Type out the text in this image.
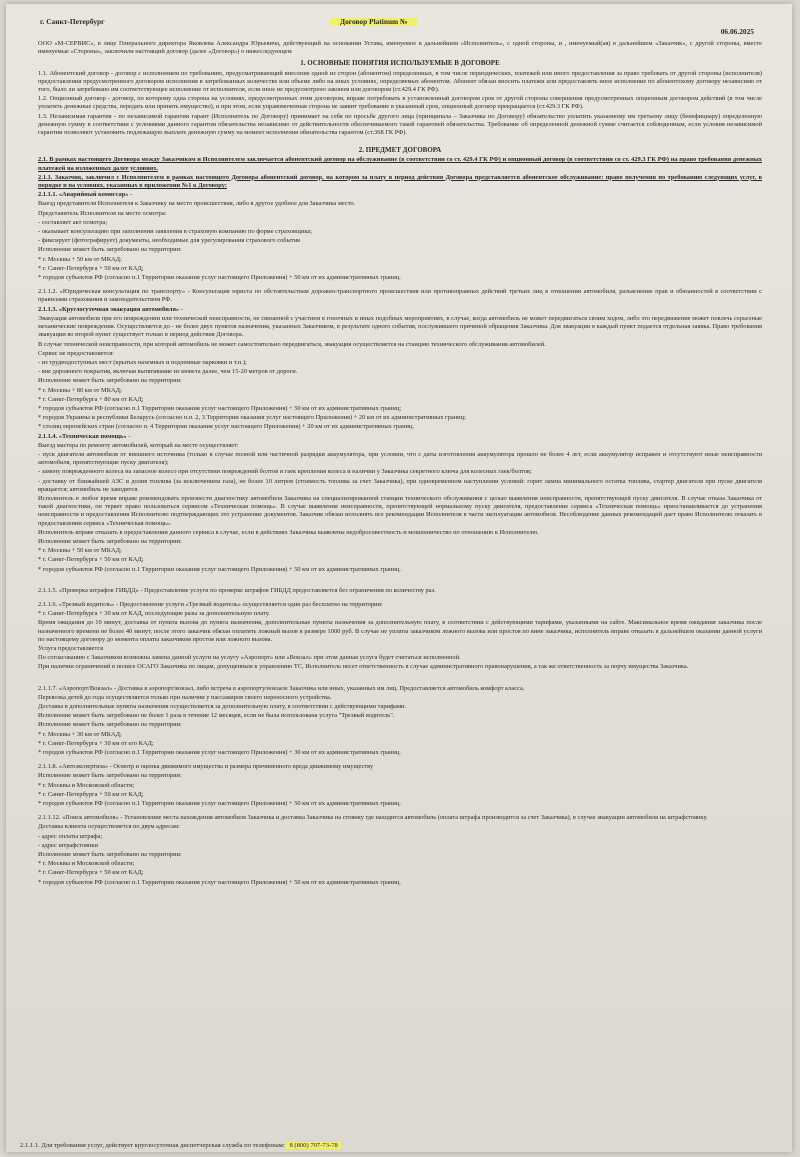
г. Санкт-Петербург	Договор Platinum №
06.06.2025

ООО «М-СЕРВИС», в лице Генерального директора Яковлева Александра Юрьевича, действующий на основании Устава, именуемое в дальнейшем «Исполнитель», с одной стороны, и , именуемый(ая) в дальнейшем «Заказчик», с другой стороны, вместе именуемые «Стороны», заключили настоящий договор (далее «Договор») о нижеследующем

1. ОСНОВНЫЕ ПОНЯТИЯ ИСПОЛЬЗУЕМЫЕ В ДОГОВОРЕ

1.1. Абонентский договор - договор с исполнением по требованию, предусматривающий внесение одной из сторон (абонентом) определенных, в том числе периодических, платежей или иного предоставления за право требовать от другой стороны (исполнителя) предоставления предусмотренного договором исполнения в затребованных количестве или объеме либо на иных условиях, определяемых абонентом. Абонент обязан вносить платежи или предоставлять иное исполнение по абонентскому договору независимо от того, было ли затребовано им соответствующее исполнение от исполнителя, если иное не предусмотрено законом или договором (ст.429.4 ГК РФ).

1.2. Опционный договор - договор, по которому одна сторона на условиях, предусмотренных этим договором, вправе потребовать в установленный договором срок от другой стороны совершения предусмотренных опционным договором действий (в том числе уплатить денежные средства, передать или принять имущество), и при этом, если управомоченная сторона не заявит требование в указанный срок, опционный договор прекращается (ст.429.3 ГК РФ).

1.3. Независимая гарантия - по независимой гарантии гарант (Исполнитель по Договору) принимает на себя по просьбе другого лица (принципала – Заказчика по Договору) обязательство уплатить указанному им третьему лицу (бенефициару) определенную денежную сумму в соответствии с условиями данного гарантом обязательства независимо от действительности обеспечиваемого такой гарантией обязательства. Требование об определенной денежной сумме считается соблюденным, если условия независимой гарантии позволяют установить подлежащую выплате денежную сумму на момент исполнения обязательства гарантом (ст.368 ГК РФ).

2. ПРЕДМЕТ ДОГОВОРА

2.1. В рамках настоящего Договора между Заказчиком и Исполнителем заключается абонентский договор на обслуживание (в соответствии со ст. 429.4 ГК РФ) и опционный договор (в соответствии со ст. 429.3 ГК РФ) на право требования денежных платежей на изложенных далее условиях.

2.1.1. Заказчик, заключил с Исполнителем в рамках настоящего Договора абонентский договор, на котором за плату в период действия Договора представляется абонентское обслуживание: право получения по требованию следующих услуг, в порядке и на условиях, указанных в приложении №1 к Договору:

2.1.1.1. «Аварийный комиссар» -

Выезд представителя Исполнителя к Заказчику на место происшествия, либо в другое удобное для Заказчика место.

Представитель Исполнителя на месте осмотра:

- составляет акт осмотра;

- оказывает консультацию при заполнении заявления в страховую компанию по форме страховщика;

- фиксирует (фотографирует) документы, необходимые для урегулирования страхового события

Исполнение может быть затребовано на территории:

* г. Москвы + 50 км от МКАД;

* г. Санкт-Петербурга + 50 км от КАД;

* городов субъектов РФ (согласно п.1 Территории оказания услуг настоящего Приложения) + 50 км от их административных границ.

2.1.1.2. «Юридическая консультация по транспорту» - Консультация юриста по обстоятельствам дорожно-транспортного происшествия или противоправных действий третьих лиц в отношении автомобиля, разъяснение прав и обязанностей в соответствии с правилами страхования и законодательством РФ.

2.1.1.3. «Круглосуточная эвакуация автомобиля» -

Эвакуация автомобиля при его повреждении или технической неисправности, не связанной с участием в гоночных и иных подобных мероприятиях, в случае, когда автомобиль не может передвигаться своим ходом, либо это передвижение может повлечь серьезные механические повреждения. Осуществляется до - не более двух пунктов назначения, указанных Заказчиком, в результате одного события, послужившего причиной обращения Заказчика. Для эвакуации в каждый пункт подается отдельная заявка. Право требования эвакуации во второй пункт существует только в период действия Договора.

В случае технической неисправности, при которой автомобиль не может самостоятельно передвигаться, эвакуация осуществляется на станцию технического обслуживания автомобилей.

Сервис не предоставляется:

- из труднодоступных мест (крытых наземных и подземные парковки и т.п.);

- вне дорожного покрытия, включая вытягивание из кювета далее, чем 15-20 метров от дороги.

Исполнение может быть затребовано на территории:

* г. Москвы + 80 км от МКАД;

* г. Санкт-Петербурга + 80 км от КАД;

* городов субъектов РФ (согласно п.1 Территории оказания услуг настоящего Приложения) + 50 км от их административных границ;

* городов Украины и республики Беларусь (согласно п.п. 2, 3 Территории оказания услуг настоящего Приложения) + 20 км от их административных границ;

* столиц европейских стран (согласно п. 4 Территории оказания услуг настоящего Приложения) + 20 км от их административных границ.

2.1.1.4. «Техническая помощь» -

Выезд мастера по ремонту автомобилей, который на месте осуществляет:

- пуск двигателя автомобиля от внешнего источника (только в случае полной или частичной разрядки аккумулятора, при условии, что с даты изготовления аккумулятора прошло не более 4 лет, если аккумулятор исправен и отсутствуют иные неисправности автомобиля, препятствующие пуску двигателя);

- замену поврежденного колеса на запасное колесо при отсутствии повреждений болтов и гаек крепления колеса и наличии у Заказчика секретного ключа для колесных гаек/болтов;

- доставку от ближайшей АЗС и долив топлива (за исключением газа), не более 10 литров (стоимость топлива за счет Заказчика), при одновременном наступлении условий: горит лампа минимального остатка топлива, стартер двигателя при пуске двигателя вращается; автомобиль не заводится.

Исполнитель в любое время вправе рекомендовать произвести диагностику автомобиля Заказчика на специализированной станции технического обслуживания с целью выявления неисправности, препятствующей пуску двигателя. В случае отказа Заказчика от такой диагностики, он теряет право пользоваться сервисом «Техническая помощь». В случае выявления неисправности, препятствующей нормальному пуску двигателя, предоставление сервиса «Техническая помощь» приостанавливается до устранения неисправности и предоставления Исполнителю подтверждающих это устранение документов. Заказчик обязан исполнять все рекомендации Исполнителя в части эксплуатации автомобиля. Несоблюдение данных рекомендаций дает право Исполнителю отказать в предоставлении сервиса «Техническая помощь».

Исполнитель вправе отказать в предоставлении данного сервиса в случае, если в действиях Заказчика выявлены недобросовестность и мошенничество по отношению к Исполнителю.

Исполнение может быть затребовано на территории:

* г. Москвы + 50 км от МКАД;

* г. Санкт-Петербурга + 50 км от КАД;

* городов субъектов РФ (согласно п.1 Территории оказания услуг настоящего Приложения) + 50 км от их административных границ.

2.1.1.5. «Проверка штрафов ГИБДД» - Предоставление услуги по проверке штрафов ГИБДД предоставляется без ограничения по количеству раз.

2.1.1.6. «Трезвый водитель» - Предоставление услуги «Трезвый водитель» осуществляется один раз бесплатно на территории:

* г. Санкт-Петербурга + 30 км от КАД, последующие разы за дополнительную плату.

Время ожидания до 10 минут, доставка от пункта вызова до пункта назначения, дополнительные пункты назначения за дополнительную плату, в соответствии с действующими тарифами, указанными на сайте. Максимальное время ожидания заказчика после назначенного времени не более 40 минут, после этого заказчик обязан оплатить ложный вызов в размере 1000 руб. В случае не уплаты заказчиком ложного вызова или простоя по вине заказчика, исполнитель вправе отказать в дальнейшем оказании данной услуги по настоящему договору до момента оплаты заказчиком простоя или ложного вызова.

Услуга предоставляется

По согласованию с Заказчиком возможна замена данной услуги на услугу «Аэропорт» или «Вокзал» при этом данная услуга будет считаться исполненной.

При наличии ограничений в полисе ОСАГО Заказчика по лицам, допущенным к управлению ТС, Исполнитель несет ответственность в случае административного правонарушения, а так же ответственность за порчу имущества Заказчика.

2.1.1.7. «Аэропорт/Вокзал» - Доставка в аэропорт/вокзал, либо встреча в аэропорту/вокзале Заказчика или иных, указанных им лиц. Предоставляется автомобиль комфорт класса.

Перевозка детей до года осуществляется только при наличии у пассажиров своего переносного устройства.

Доставка в дополнительные пункты назначения осуществляется за дополнительную плату, в соответствии с действующими тарифами.

Исполнение может быть затребовано не более 1 раза в течение 12 месяцев, если не была использована услуга "Трезвый водитель".

Исполнение может быть затребовано на территории:

* г. Москвы + 30 км от МКАД;

* г. Санкт-Петербурга + 30 км от его КАД;

* городов субъектов РФ (согласно п.1 Территории оказания услуг настоящего Приложения) + 30 км от их административных границ.

2.1.1.8. «Автоэкспертиза» - Осмотр и оценка движимого имущества и размера причиненного вреда движимому имуществу

Исполнение может быть затребовано на территории:

* г. Москвы и Московской области;

* г. Санкт-Петербурга + 50 км от КАД;

* городов субъектов РФ (согласно п.1 Территории оказания услуг настоящего Приложения) + 50 км от их административных границ.

2.1.1.12. «Поиск автомобиля» - Установление места нахождения автомобиля Заказчика и доставка Заказчика на стоянку где находится автомобиль (оплата штрафа производится за счет Заказчика), в случае эвакуации автомобиля на штрафстоянку.

Доставка клиента осуществляется по двум адресам:

- адрес оплаты штрафа;

- адрес штрафстоянки

Исполнение может быть затребовано на территории:

* г. Москвы и Московской области;

* г. Санкт-Петербурга + 50 км от КАД;

* городов субъектов РФ (согласно п.1 Территории оказания услуг настоящего Приложения) + 50 км от их административных границ.

2.1.1.1. Для требования услуг, действует круглосуточная диспетчерская служба по телефонам: 8 (800) 707-73-78
